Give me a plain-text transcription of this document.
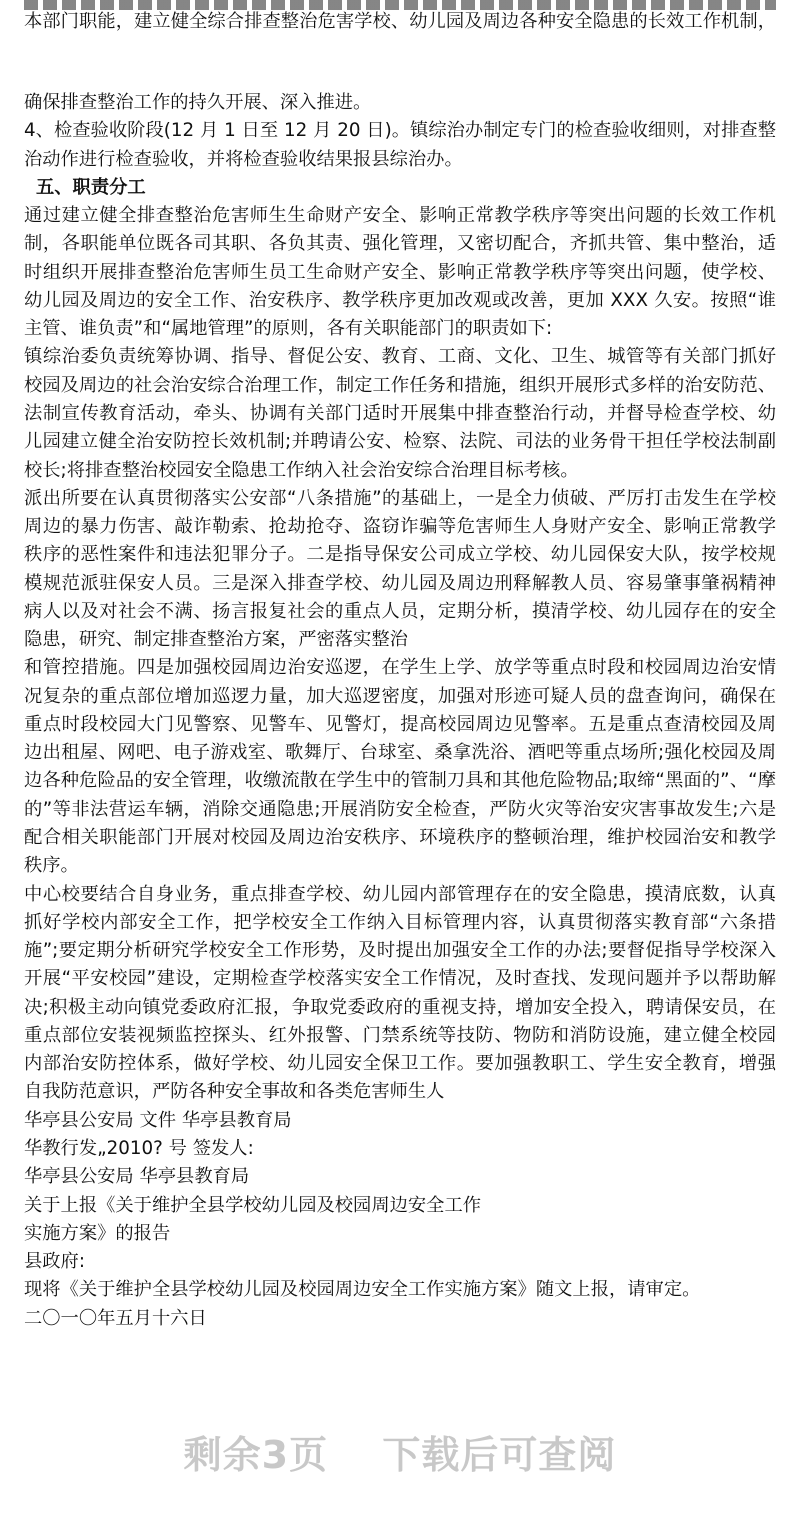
本部门职能，建立健全综合排查整治危害学校、幼儿园及周边各种安全隐患的长效工作机制，
确保排查整治工作的持久开展、深入推进。
4、检查验收阶段(12 月 1 日至 12 月 20 日)。镇综治办制定专门的检查验收细则，对排查整
治动作进行检查验收，并将检查验收结果报县综治办。
五、职责分工
通过建立健全排查整治危害师生生命财产安全、影响正常教学秩序等突出问题的长效工作机
制，各职能单位既各司其职、各负其责、强化管理，又密切配合，齐抓共管、集中整治，适
时组织开展排查整治危害师生员工生命财产安全、影响正常教学秩序等突出问题，使学校、
幼儿园及周边的安全工作、治安秩序、教学秩序更加改观或改善，更加 XXX 久安。按照“谁
主管、谁负责”和“属地管理”的原则，各有关职能部门的职责如下:
镇综治委负责统筹协调、指导、督促公安、教育、工商、文化、卫生、城管等有关部门抓好
校园及周边的社会治安综合治理工作，制定工作任务和措施，组织开展形式多样的治安防范、
法制宣传教育活动，牵头、协调有关部门适时开展集中排查整治行动，并督导检查学校、幼
儿园建立健全治安防控长效机制;并聘请公安、检察、法院、司法的业务骨干担任学校法制副
校长;将排查整治校园安全隐患工作纳入社会治安综合治理目标考核。
派出所要在认真贯彻落实公安部“八条措施”的基础上，一是全力侦破、严厉打击发生在学校
周边的暴力伤害、敲诈勒索、抢劫抢夺、盗窃诈骗等危害师生人身财产安全、影响正常教学
秩序的恶性案件和违法犯罪分子。二是指导保安公司成立学校、幼儿园保安大队，按学校规
模规范派驻保安人员。三是深入排查学校、幼儿园及周边刑释解教人员、容易肇事肇祸精神
病人以及对社会不满、扬言报复社会的重点人员，定期分析，摸清学校、幼儿园存在的安全
隐患，研究、制定排查整治方案，严密落实整治
和管控措施。四是加强校园周边治安巡逻，在学生上学、放学等重点时段和校园周边治安情
况复杂的重点部位增加巡逻力量，加大巡逻密度，加强对形迹可疑人员的盘查询问，确保在
重点时段校园大门见警察、见警车、见警灯，提高校园周边见警率。五是重点查清校园及周
边出租屋、网吧、电子游戏室、歌舞厅、台球室、桑拿洗浴、酒吧等重点场所;强化校园及周
边各种危险品的安全管理，收缴流散在学生中的管制刀具和其他危险物品;取缔“黑面的”、“摩
的”等非法营运车辆，消除交通隐患;开展消防安全检查，严防火灾等治安灾害事故发生;六是
配合相关职能部门开展对校园及周边治安秩序、环境秩序的整顿治理，维护校园治安和教学
秩序。
中心校要结合自身业务，重点排查学校、幼儿园内部管理存在的安全隐患，摸清底数，认真
抓好学校内部安全工作，把学校安全工作纳入目标管理内容，认真贯彻落实教育部“六条措
施”;要定期分析研究学校安全工作形势，及时提出加强安全工作的办法;要督促指导学校深入
开展“平安校园”建设，定期检查学校落实安全工作情况，及时查找、发现问题并予以帮助解
决;积极主动向镇党委政府汇报，争取党委政府的重视支持，增加安全投入，聘请保安员，在
重点部位安装视频监控探头、红外报警、门禁系统等技防、物防和消防设施，建立健全校园
内部治安防控体系，做好学校、幼儿园安全保卫工作。要加强教职工、学生安全教育，增强
自我防范意识，严防各种安全事故和各类危害师生人
华亭县公安局 文件 华亭县教育局
华教行发„2010? 号 签发人:
华亭县公安局 华亭县教育局
关于上报《关于维护全县学校幼儿园及校园周边安全工作
实施方案》的报告
县政府:
现将《关于维护全县学校幼儿园及校园周边安全工作实施方案》随文上报，请审定。
二〇一〇年五月十六日
剩余3页 下载后可查阅
